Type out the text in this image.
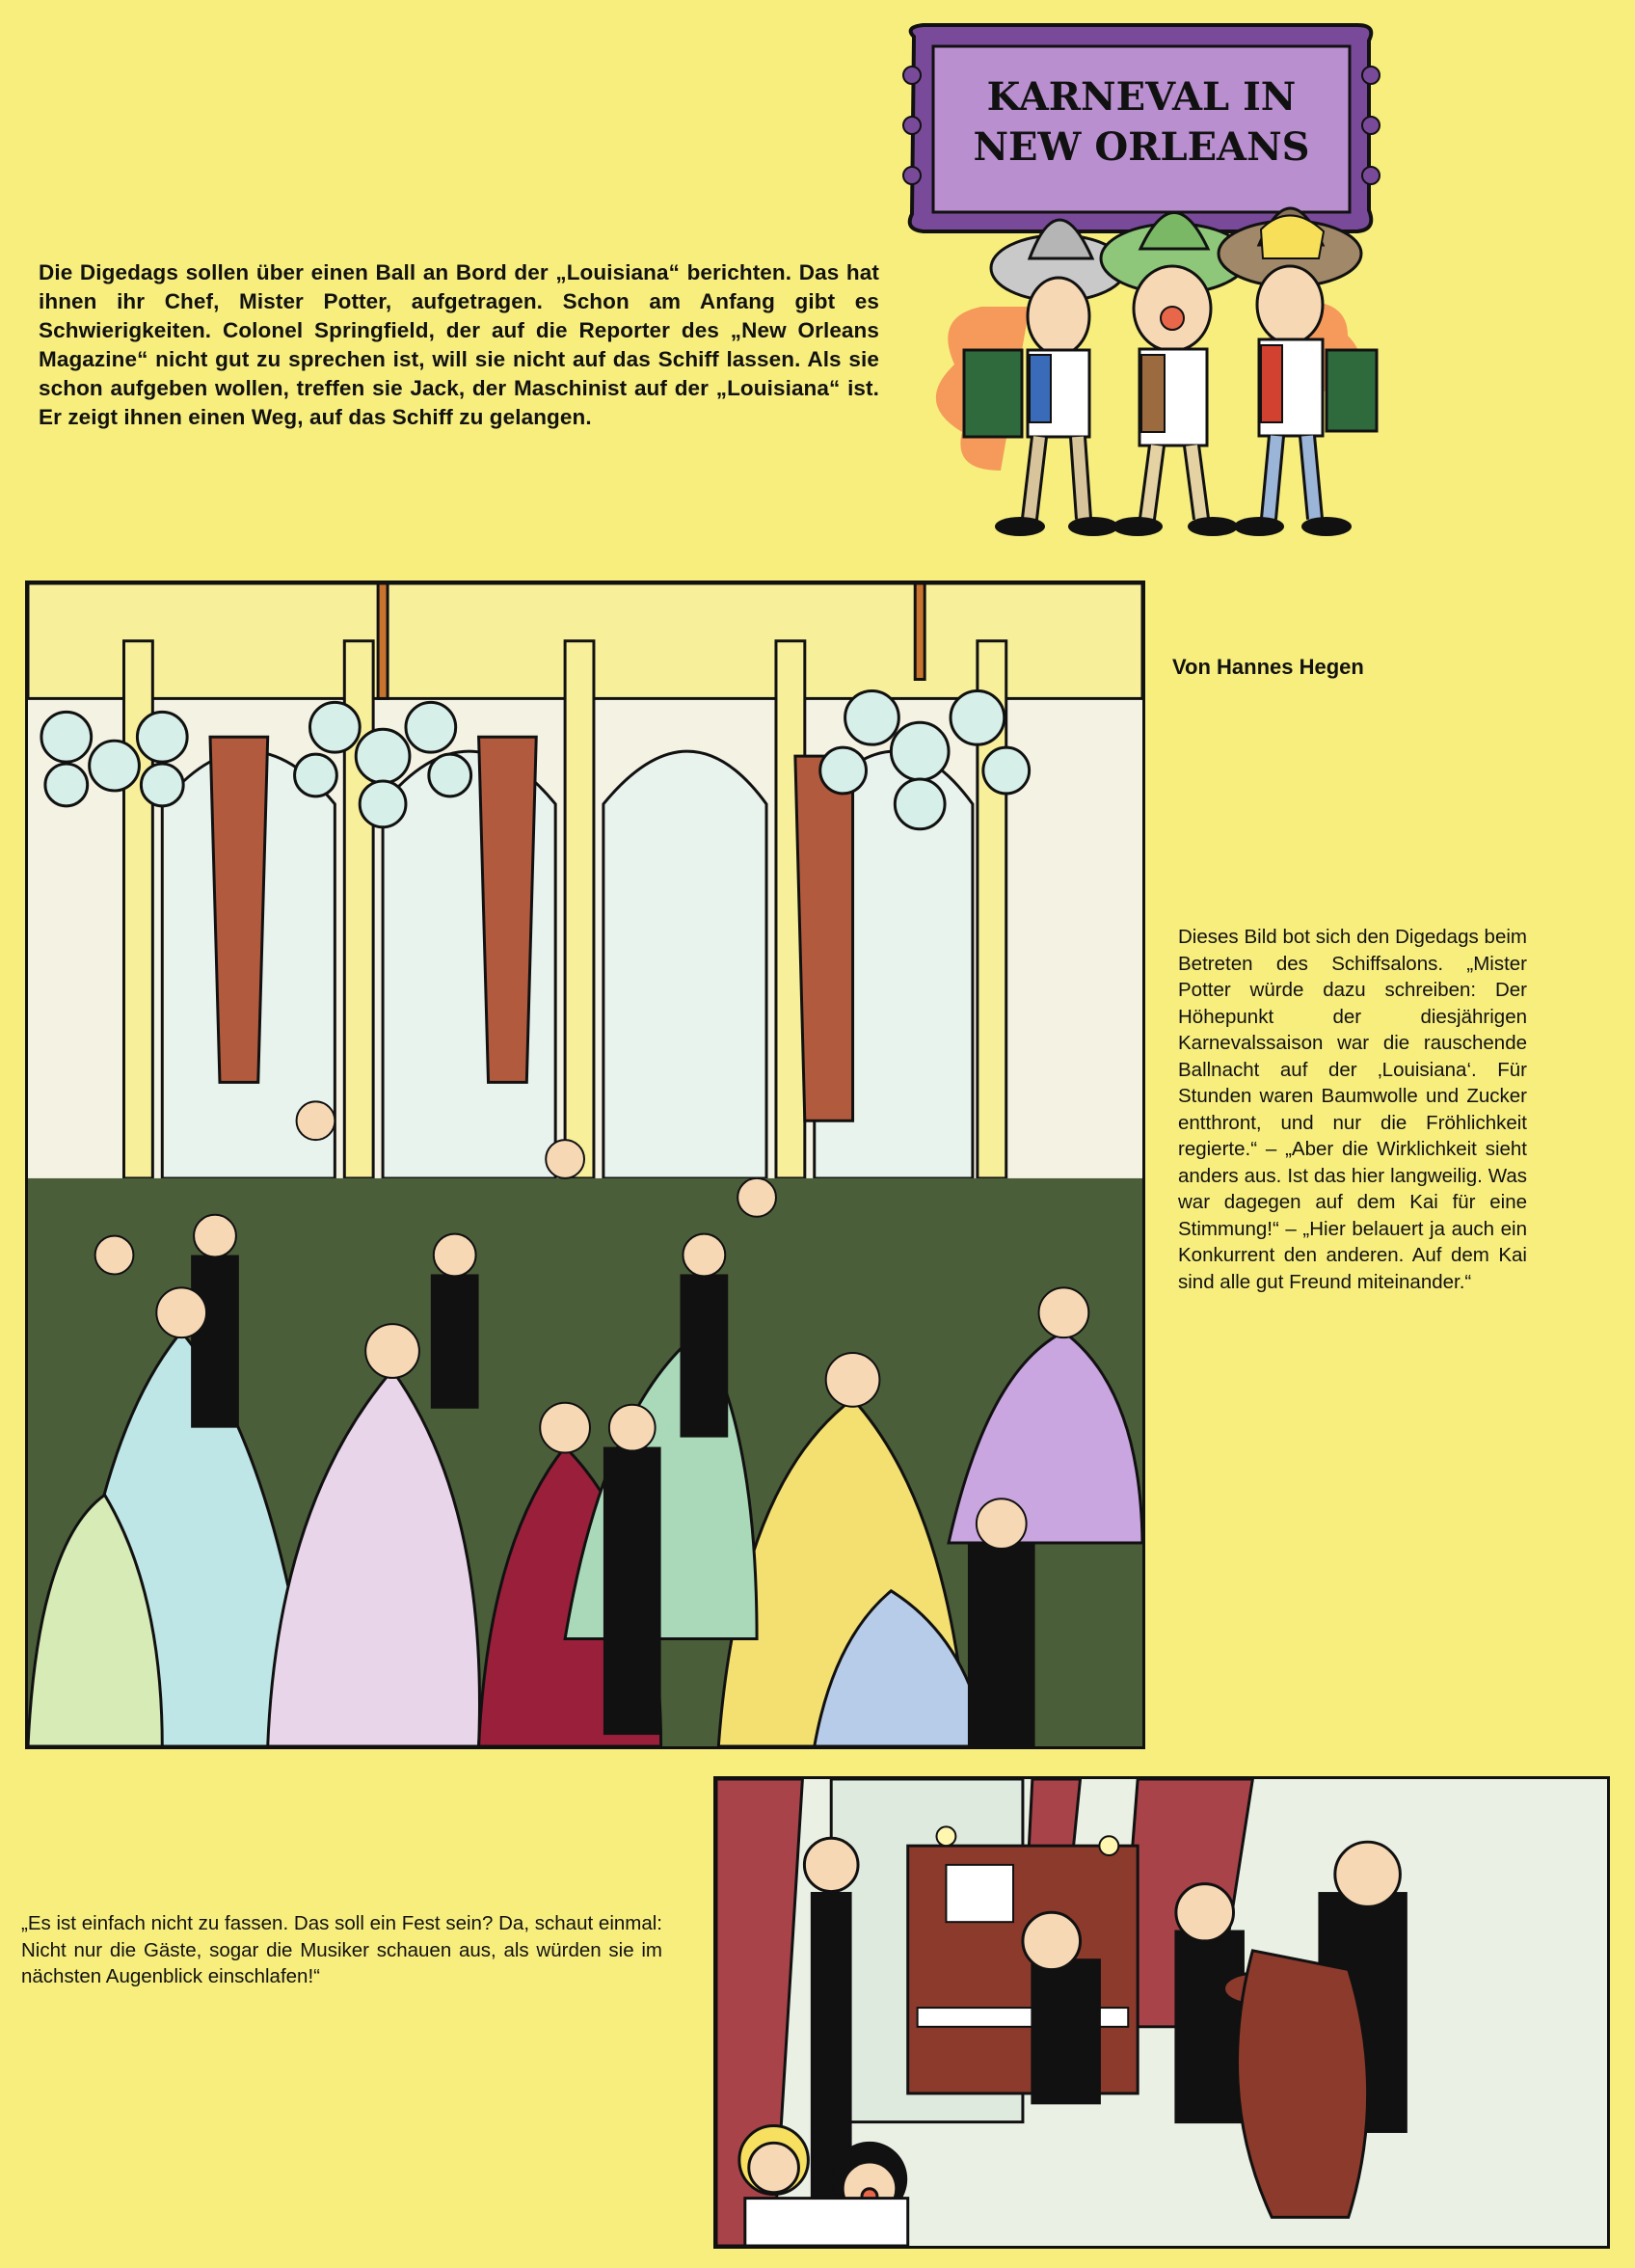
KARNEVAL IN
NEW ORLEANS
Die Digedags sollen über einen Ball an Bord der „Louisiana“ berichten. Das hat ihnen ihr Chef, Mister Potter, aufgetragen. Schon am Anfang gibt es Schwierigkeiten. Colonel Springfield, der auf die Reporter des „New Orleans Magazine“ nicht gut zu sprechen ist, will sie nicht auf das Schiff lassen. Als sie schon aufgeben wollen, treffen sie Jack, der Maschinist auf der „Louisiana“ ist. Er zeigt ihnen einen Weg, auf das Schiff zu gelangen.
Von Hannes Hegen
Dieses Bild bot sich den Digedags beim Betreten des Schiffsalons. „Mister Potter würde dazu schreiben: Der Höhepunkt der diesjährigen Karnevalssaison war die rauschende Ballnacht auf der ‚Louisiana‘. Für Stunden waren Baumwolle und Zucker entthront, und nur die Fröhlichkeit regierte.“ – „Aber die Wirklichkeit sieht anders aus. Ist das hier langweilig. Was war dagegen auf dem Kai für eine Stimmung!“ – „Hier belauert ja auch ein Konkurrent den anderen. Auf dem Kai sind alle gut Freund miteinander.“
„Es ist einfach nicht zu fassen. Das soll ein Fest sein? Da, schaut einmal: Nicht nur die Gäste, sogar die Musiker schauen aus, als würden sie im nächsten Augenblick einschlafen!“
